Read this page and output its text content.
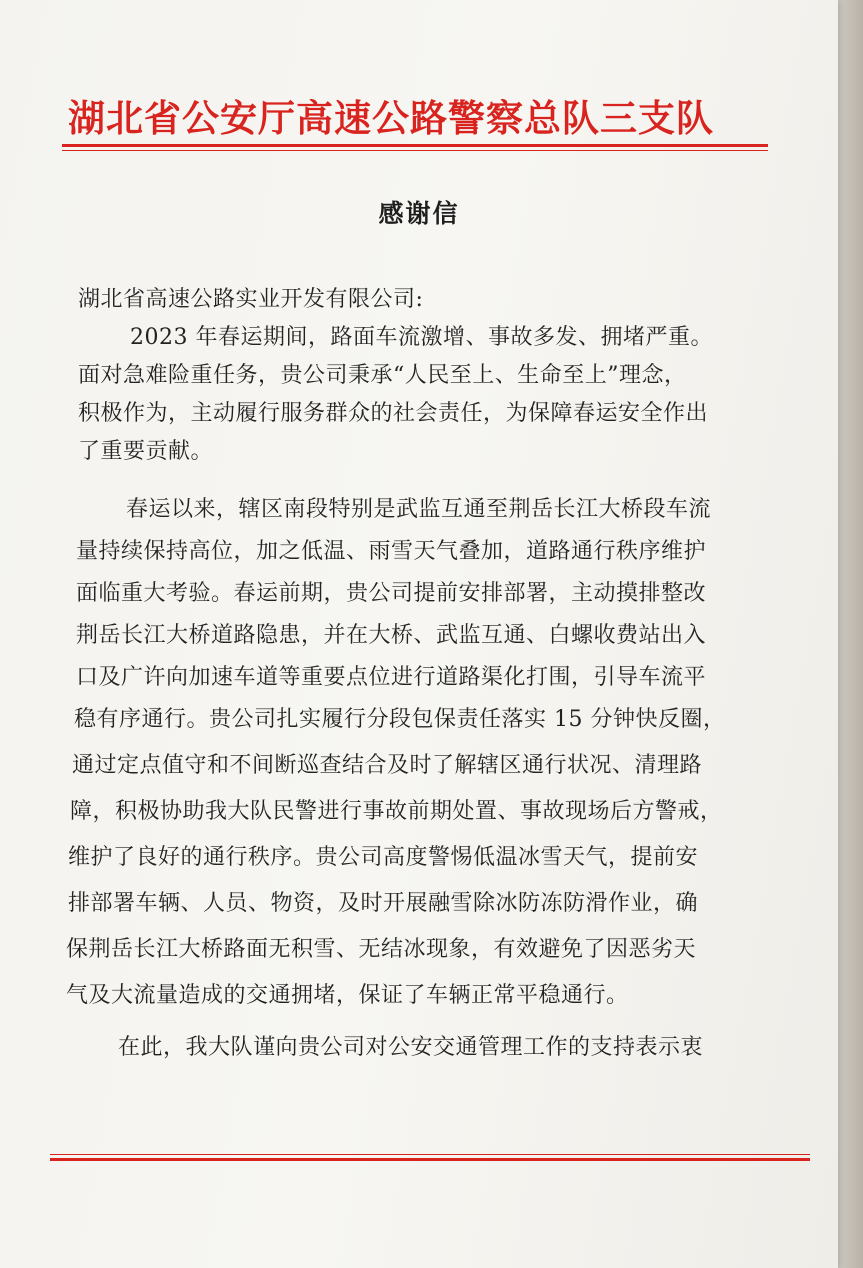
湖北省公安厅高速公路警察总队三支队
感谢信
湖北省高速公路实业开发有限公司:
2023 年春运期间，路面车流激增、事故多发、拥堵严重。
面对急难险重任务，贵公司秉承“人民至上、生命至上”理念，
积极作为，主动履行服务群众的社会责任，为保障春运安全作出
了重要贡献。
春运以来，辖区南段特别是武监互通至荆岳长江大桥段车流
量持续保持高位，加之低温、雨雪天气叠加，道路通行秩序维护
面临重大考验。春运前期，贵公司提前安排部署，主动摸排整改
荆岳长江大桥道路隐患，并在大桥、武监互通、白螺收费站出入
口及广许向加速车道等重要点位进行道路渠化打围，引导车流平
稳有序通行。贵公司扎实履行分段包保责任落实 15 分钟快反圈，
通过定点值守和不间断巡查结合及时了解辖区通行状况、清理路
障，积极协助我大队民警进行事故前期处置、事故现场后方警戒，
维护了良好的通行秩序。贵公司高度警惕低温冰雪天气，提前安
排部署车辆、人员、物资，及时开展融雪除冰防冻防滑作业，确
保荆岳长江大桥路面无积雪、无结冰现象，有效避免了因恶劣天
气及大流量造成的交通拥堵，保证了车辆正常平稳通行。
在此，我大队谨向贵公司对公安交通管理工作的支持表示衷
